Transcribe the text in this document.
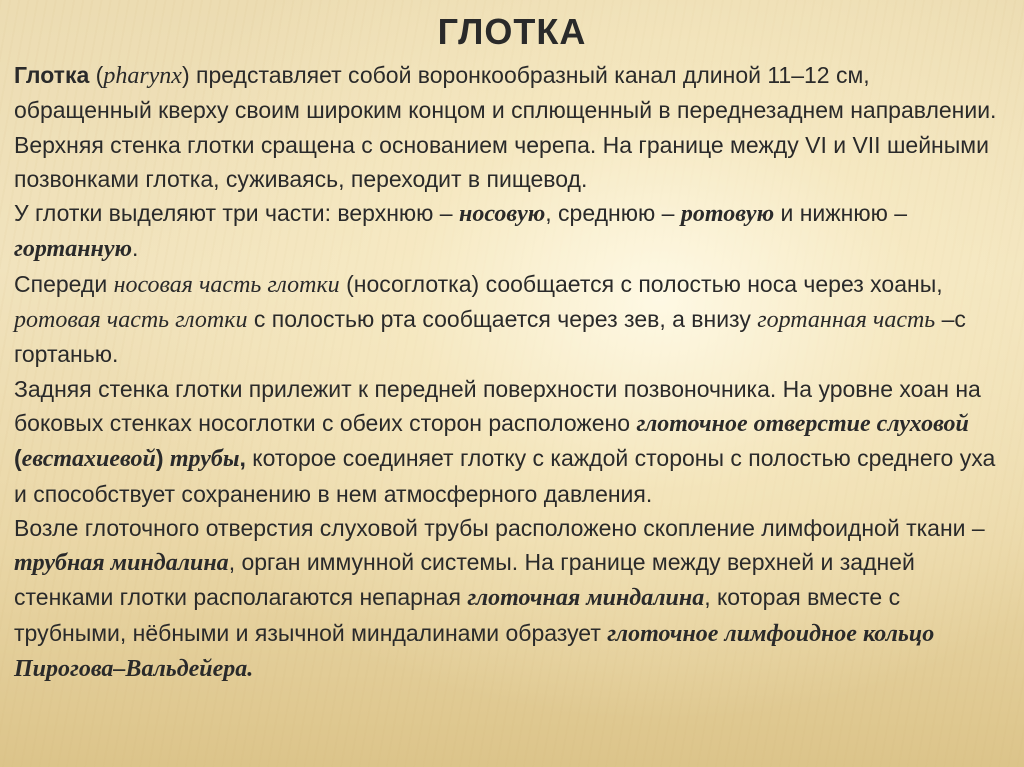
ГЛОТКА

Глотка (pharynx) представляет собой воронкообразный канал длиной 11–12 см, обращенный кверху своим широким концом и сплющенный в переднезаднем направлении.

Верхняя стенка глотки сращена с основанием черепа. На границе между VI и VII шейными позвонками глотка, суживаясь, переходит в пищевод.

У глотки выделяют три части: верхнюю – носовую, среднюю – ротовую и нижнюю – гортанную.

Спереди носовая часть глотки (носоглотка) сообщается с полостью носа через хоаны, ротовая часть глотки с полостью рта сообщается через зев, а внизу гортанная часть –с гортанью.

Задняя стенка глотки прилежит к передней поверхности позвоночника. На уровне хоан на боковых стенках носоглотки с обеих сторон расположено глоточное отверстие слуховой (евстахиевой) трубы, которое соединяет глотку с каждой стороны с полостью среднего уха и способствует сохранению в нем атмосферного давления.

Возле глоточного отверстия слуховой трубы расположено скопление лимфоидной ткани – трубная миндалина, орган иммунной системы. На границе между верхней и задней стенками глотки располагаются непарная глоточная миндалина, которая вместе с трубными, нёбными и язычной миндалинами образует глоточное лимфоидное кольцо Пирогова–Вальдейера.
